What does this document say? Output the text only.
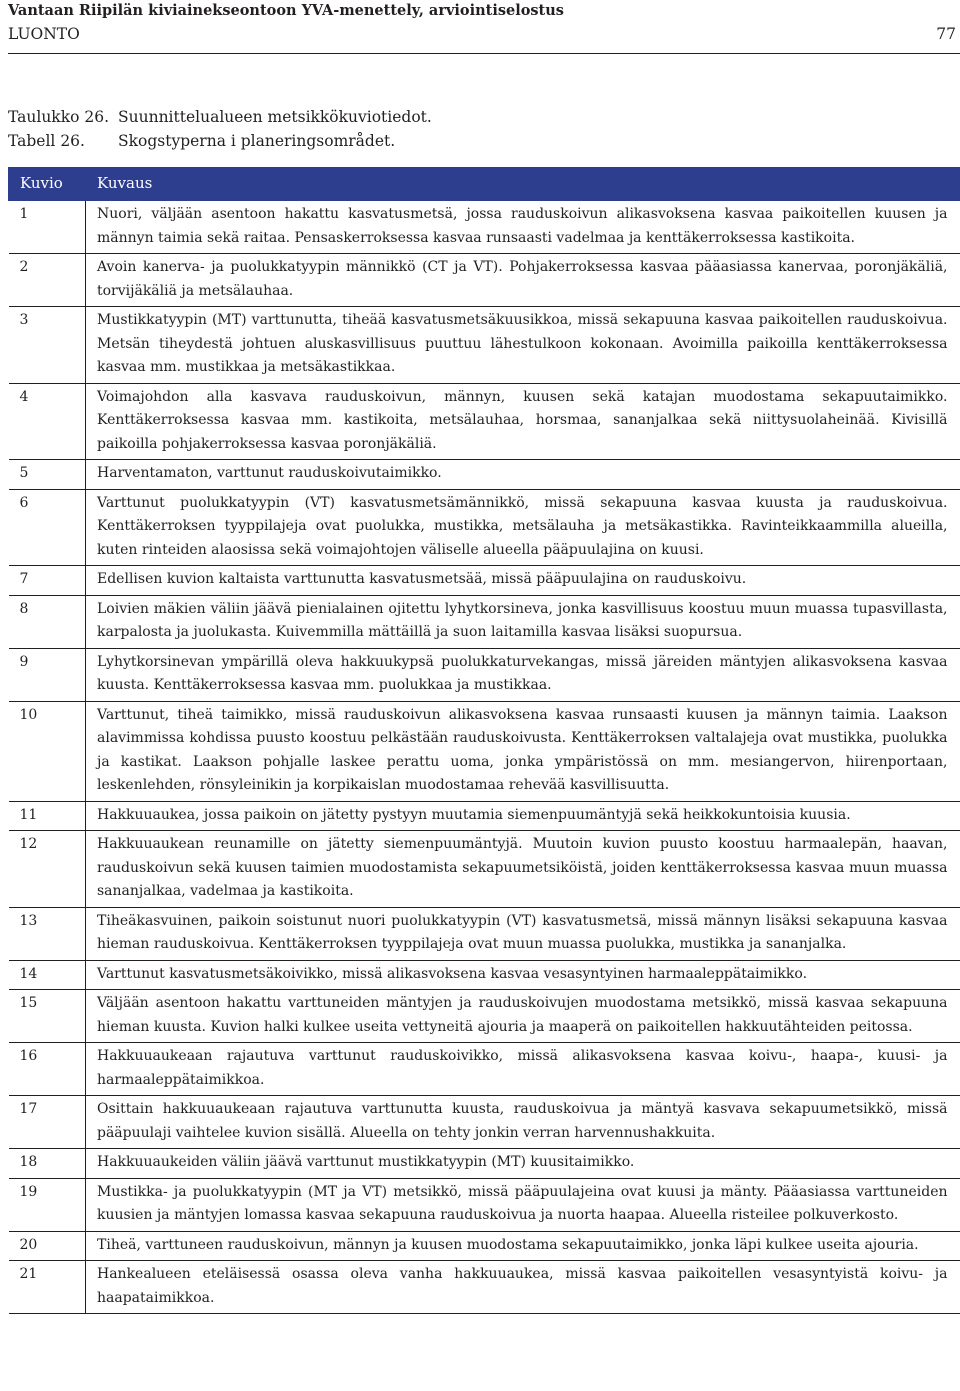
Vantaan Riipilän kiviainekseontoon YVA-menettely, arviointiselostus
LUONTO	77
Taulukko 26. Suunnittelualueen metsikkökuviotiedot.
Tabell 26.	Skogstyperna i planeringsområdet.
Kuvio	Kuvaus
1	Nuori, väljään asentoon hakattu kasvatusmetsä, jossa rauduskoivun alikasvoksena kasvaa paikoitellen kuusen ja männyn taimia sekä raitaa. Pensaskerroksessa kasvaa runsaasti vadelmaa ja kenttäkerroksessa kastikoita.
2	Avoin kanerva- ja puolukkatyypin männikkö (CT ja VT). Pohjakerroksessa kasvaa pääasiassa kanervaa, poronjäkäliä, torvijäkäliä ja metsälauhaa.
3	Mustikkatyypin (MT) varttunutta, tiheää kasvatusmetsäkuusikkoa, missä sekapuuna kasvaa paikoitellen rauduskoivua. Metsän tiheydestä johtuen aluskasvillisuus puuttuu lähestulkoon kokonaan. Avoimilla paikoilla kenttäkerroksessa kasvaa mm. mustikkaa ja metsäkastikkaa.
4	Voimajohdon alla kasvava rauduskoivun, männyn, kuusen sekä katajan muodostama sekapuutaimikko. Kenttäkerroksessa kasvaa mm. kastikoita, metsälauhaa, horsmaa, sananjalkaa sekä niittysuolaheinää. Kivisillä paikoilla pohjakerroksessa kasvaa poronjäkäliä.
5	Harventamaton, varttunut rauduskoivutaimikko.
6	Varttunut puolukkatyypin (VT) kasvatusmetsämännikkö, missä sekapuuna kasvaa kuusta ja rauduskoivua. Kenttäkerroksen tyyppilajeja ovat puolukka, mustikka, metsälauha ja metsäkastikka. Ravinteikkaammilla alueilla, kuten rinteiden alaosissa sekä voimajohtojen väliselle alueella pääpuulajina on kuusi.
7	Edellisen kuvion kaltaista varttunutta kasvatusmetsää, missä pääpuulajina on rauduskoivu.
8	Loivien mäkien väliin jäävä pienialainen ojitettu lyhytkorsineva, jonka kasvillisuus koostuu muun muassa tupasvillasta, karpalosta ja juolukasta. Kuivemmilla mättäillä ja suon laitamilla kasvaa lisäksi suopursua.
9	Lyhytkorsinevan ympärillä oleva hakkuukypsä puolukkaturvekangas, missä järeiden mäntyjen alikasvoksena kasvaa kuusta. Kenttäkerroksessa kasvaa mm. puolukkaa ja mustikkaa.
10	Varttunut, tiheä taimikko, missä rauduskoivun alikasvoksena kasvaa runsaasti kuusen ja männyn taimia. Laakson alavimmissa kohdissa puusto koostuu pelkästään rauduskoivusta. Kenttäkerroksen valtalajeja ovat mustikka, puolukka ja kastikat. Laakson pohjalle laskee perattu uoma, jonka ympäristössä on mm. mesiangervon, hiirenportaan, leskenlehden, rönsyleinikin ja korpikaislan muodostamaa rehevää kasvillisuutta.
11	Hakkuuaukea, jossa paikoin on jätetty pystyyn muutamia siemenpuumäntyjä sekä heikkokuntoisia kuusia.
12	Hakkuuaukean reunamille on jätetty siemenpuumäntyjä. Muutoin kuvion puusto koostuu harmaalepän, haavan, rauduskoivun sekä kuusen taimien muodostamista sekapuumetsiköistä, joiden kenttäkerroksessa kasvaa muun muassa sananjalkaa, vadelmaa ja kastikoita.
13	Tiheäkasvuinen, paikoin soistunut nuori puolukkatyypin (VT) kasvatusmetsä, missä männyn lisäksi sekapuuna kasvaa hieman rauduskoivua. Kenttäkerroksen tyyppilajeja ovat muun muassa puolukka, mustikka ja sananjalka.
14	Varttunut kasvatusmetsäkoivikko, missä alikasvoksena kasvaa vesasyntyinen harmaaleppätaimikko.
15	Väljään asentoon hakattu varttuneiden mäntyjen ja rauduskoivujen muodostama metsikkö, missä kasvaa sekapuuna hieman kuusta. Kuvion halki kulkee useita vettyneitä ajouria ja maaperä on paikoitellen hakkuutähteiden peitossa.
16	Hakkuuaukeaan rajautuva varttunut rauduskoivikko, missä alikasvoksena kasvaa koivu-, haapa-, kuusi- ja harmaaleppätaimikkoa.
17	Osittain hakkuuaukeaan rajautuva varttunutta kuusta, rauduskoivua ja mäntyä kasvava sekapuumetsikkö, missä pääpuulaji vaihtelee kuvion sisällä. Alueella on tehty jonkin verran harvennushakkuita.
18	Hakkuuaukeiden väliin jäävä varttunut mustikkatyypin (MT) kuusitaimikko.
19	Mustikka- ja puolukkatyypin (MT ja VT) metsikkö, missä pääpuulajeina ovat kuusi ja mänty. Pääasiassa varttuneiden kuusien ja mäntyjen lomassa kasvaa sekapuuna rauduskoivua ja nuorta haapaa. Alueella risteilee polkuverkosto.
20	Tiheä, varttuneen rauduskoivun, männyn ja kuusen muodostama sekapuutaimikko, jonka läpi kulkee useita ajouria.
21	Hankealueen eteläisessä osassa oleva vanha hakkuuaukea, missä kasvaa paikoitellen vesasyntyistä koivu- ja haapataimikkoa.
